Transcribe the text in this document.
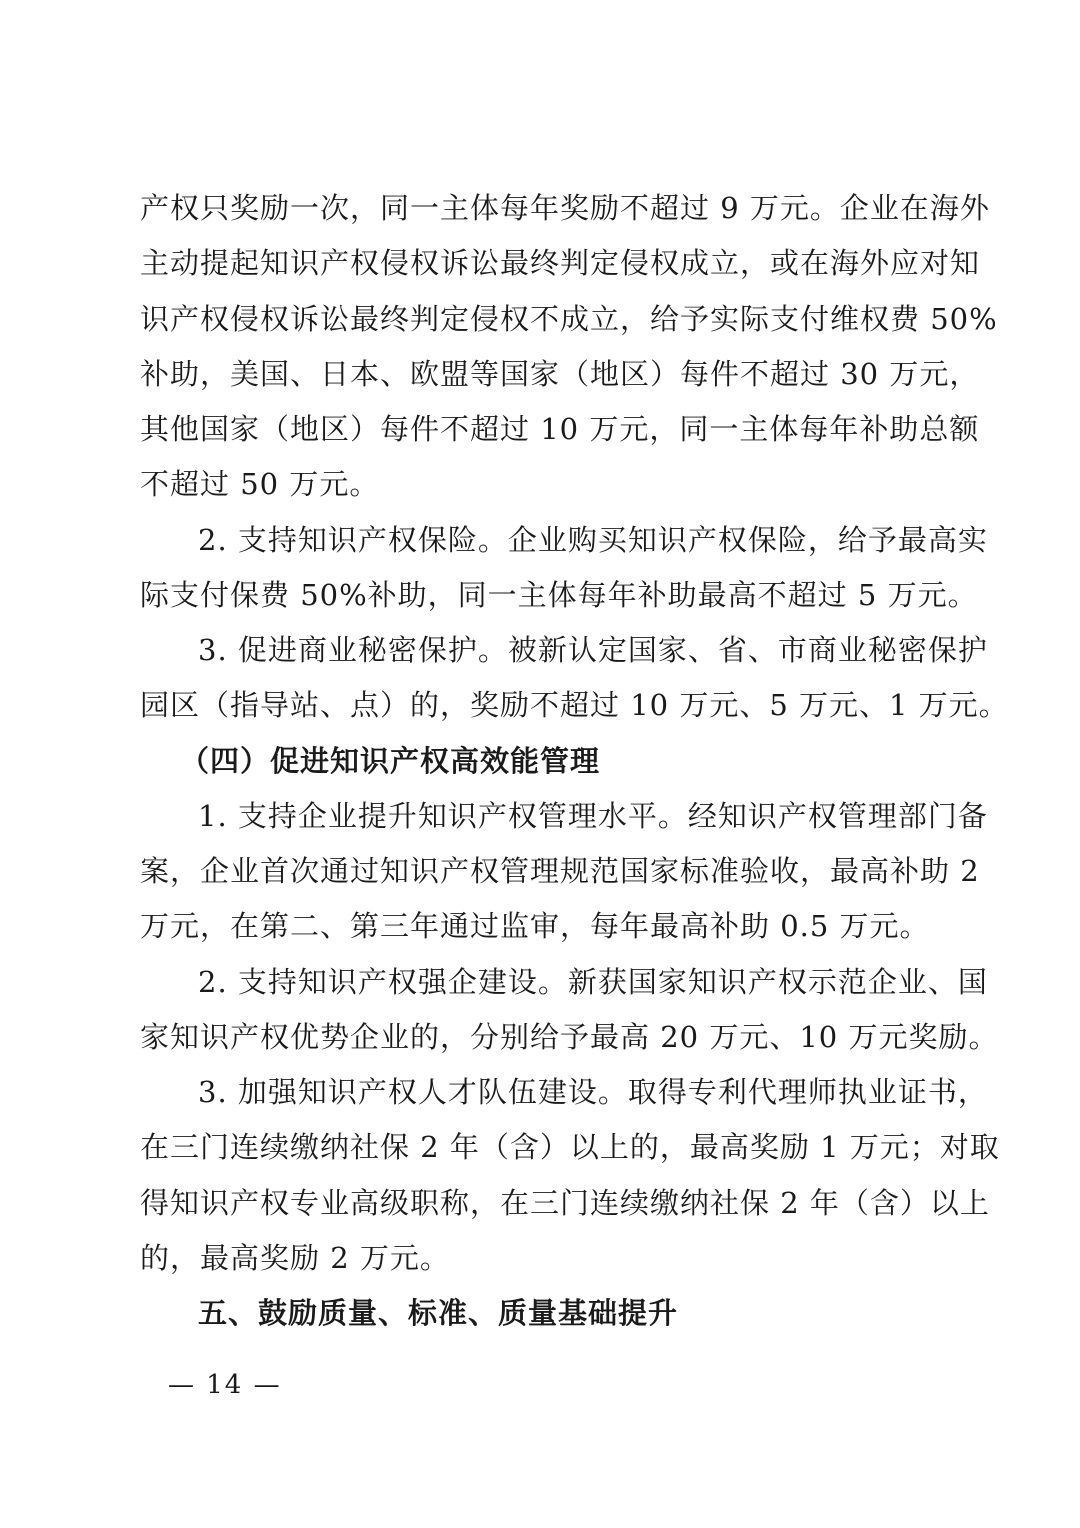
产权只奖励一次，同一主体每年奖励不超过 9 万元。企业在海外
主动提起知识产权侵权诉讼最终判定侵权成立，或在海外应对知
识产权侵权诉讼最终判定侵权不成立，给予实际支付维权费 50%
补助，美国、日本、欧盟等国家（地区）每件不超过 30 万元，
其他国家（地区）每件不超过 10 万元，同一主体每年补助总额
不超过 50 万元。
2. 支持知识产权保险。企业购买知识产权保险，给予最高实
际支付保费 50%补助，同一主体每年补助最高不超过 5 万元。
3. 促进商业秘密保护。被新认定国家、省、市商业秘密保护
园区（指导站、点）的，奖励不超过 10 万元、5 万元、1 万元。
（四）促进知识产权高效能管理
1. 支持企业提升知识产权管理水平。经知识产权管理部门备
案，企业首次通过知识产权管理规范国家标准验收，最高补助 2
万元，在第二、第三年通过监审，每年最高补助 0.5 万元。
2. 支持知识产权强企建设。新获国家知识产权示范企业、国
家知识产权优势企业的，分别给予最高 20 万元、10 万元奖励。
3. 加强知识产权人才队伍建设。取得专利代理师执业证书，
在三门连续缴纳社保 2 年（含）以上的，最高奖励 1 万元；对取
得知识产权专业高级职称，在三门连续缴纳社保 2 年（含）以上
的，最高奖励 2 万元。
五、鼓励质量、标准、质量基础提升
— 14 —
